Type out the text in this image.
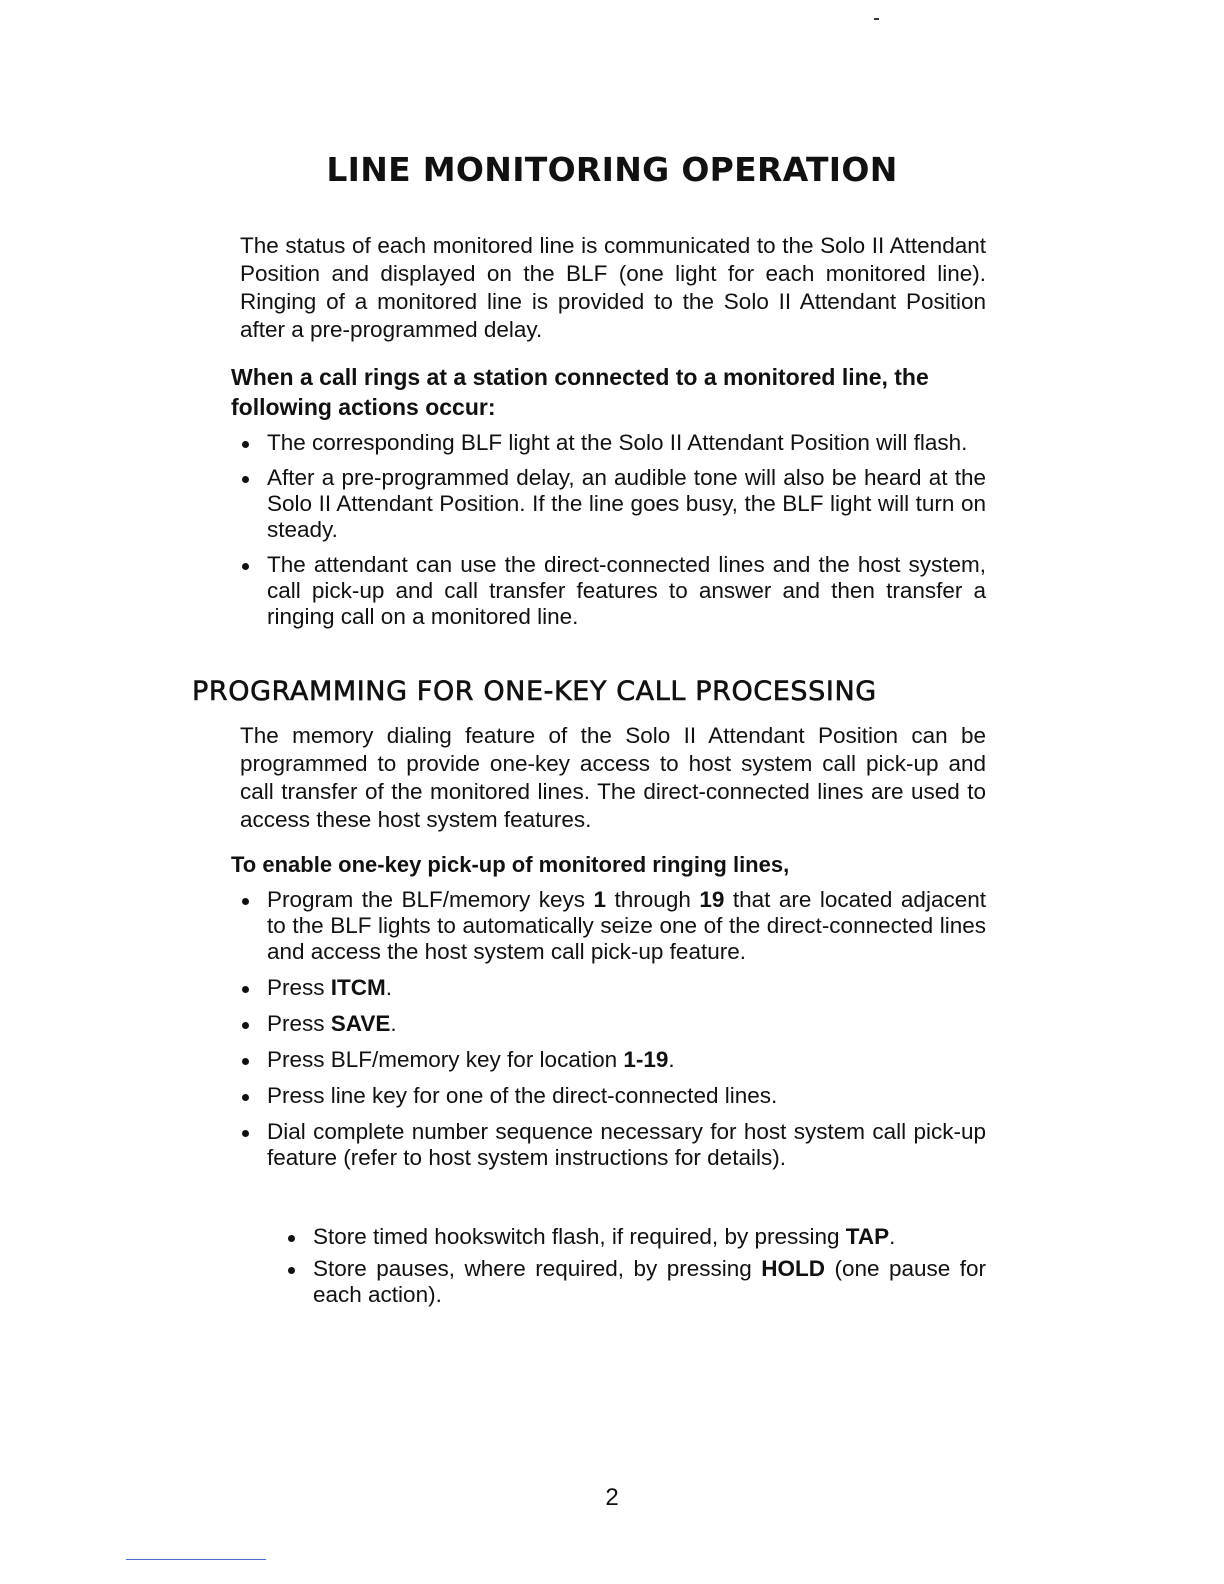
LINE MONITORING OPERATION

The status of each monitored line is communicated to the Solo II Attendant Position and displayed on the BLF (one light for each monitored line). Ringing of a monitored line is provided to the Solo II Attendant Position after a pre-programmed delay.

When a call rings at a station connected to a monitored line, the following actions occur:

The corresponding BLF light at the Solo II Attendant Position will flash.
After a pre-programmed delay, an audible tone will also be heard at the Solo II Attendant Position. If the line goes busy, the BLF light will turn on steady.
The attendant can use the direct-connected lines and the host system, call pick-up and call transfer features to answer and then transfer a ringing call on a monitored line.
PROGRAMMING FOR ONE-KEY CALL PROCESSING

The memory dialing feature of the Solo II Attendant Position can be programmed to provide one-key access to host system call pick-up and call transfer of the monitored lines. The direct-connected lines are used to access these host system features.

To enable one-key pick-up of monitored ringing lines,

Program the BLF/memory keys 1 through 19 that are located adjacent to the BLF lights to automatically seize one of the direct-connected lines and access the host system call pick-up feature.
Press ITCM.
Press SAVE.
Press BLF/memory key for location 1-19.
Press line key for one of the direct-connected lines.
Dial complete number sequence necessary for host system call pick-up feature (refer to host system instructions for details).
Store timed hookswitch flash, if required, by pressing TAP.
Store pauses, where required, by pressing HOLD (one pause for each action).

2
